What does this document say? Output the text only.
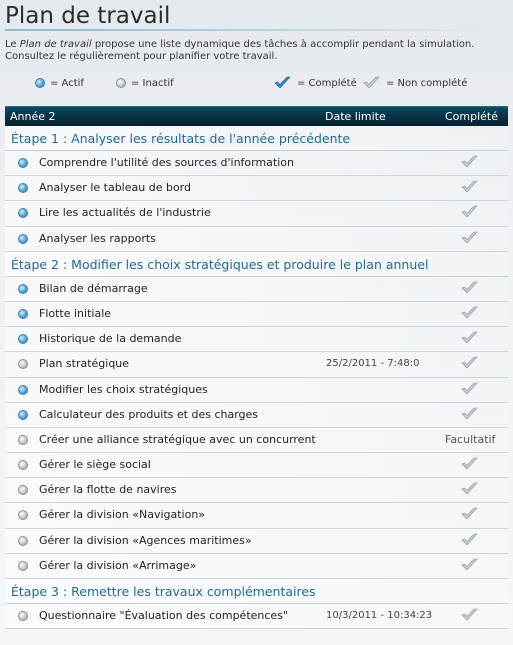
Plan de travail
Le Plan de travail propose une liste dynamique des tâches à accomplir pendant la simulation. Consultez le régulièrement pour planifier votre travail.
= Actif	= Inactif	= Complété	= Non complété
Année 2	Date limite	Complété
Étape 1 : Analyser les résultats de l'année précédente
Comprendre l'utilité des sources d'information
Analyser le tableau de bord
Lire les actualités de l'industrie
Analyser les rapports
Étape 2 : Modifier les choix stratégiques et produire le plan annuel
Bilan de démarrage
Flotte initiale
Historique de la demande
Plan stratégique	25/2/2011 - 7:48:0
Modifier les choix stratégiques
Calculateur des produits et des charges
Créer une alliance stratégique avec un concurrent	Facultatif
Gérer le siège social
Gérer la flotte de navires
Gérer la division «Navigation»
Gérer la division «Agences maritimes»
Gérer la division «Arrimage»
Étape 3 : Remettre les travaux complémentaires
Questionnaire "Évaluation des compétences"	10/3/2011 - 10:34:23
